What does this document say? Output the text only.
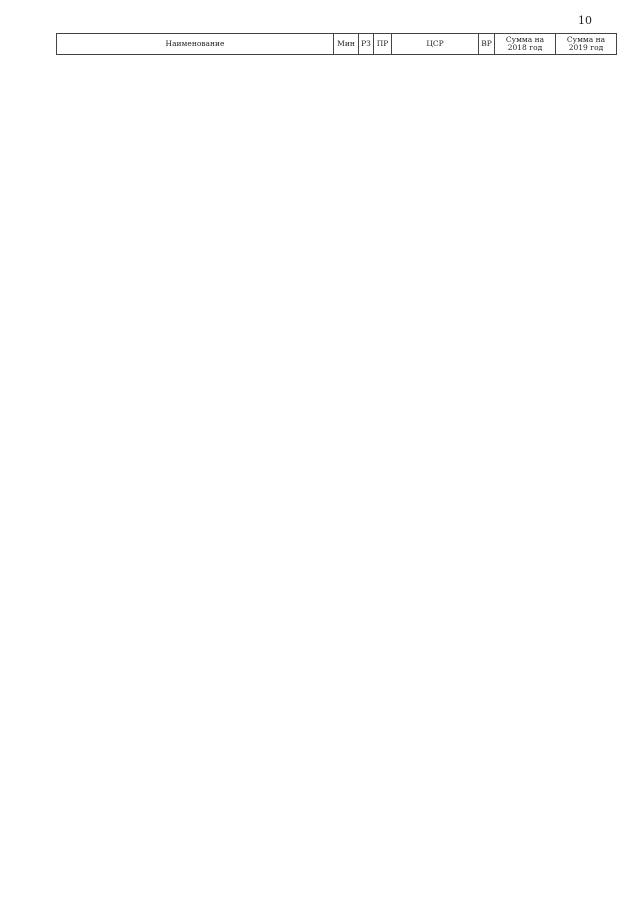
10
Наименование	Мин	РЗ	ПР	ЦСР	ВР	Сумма на 2018 год	Сумма на 2019 год
